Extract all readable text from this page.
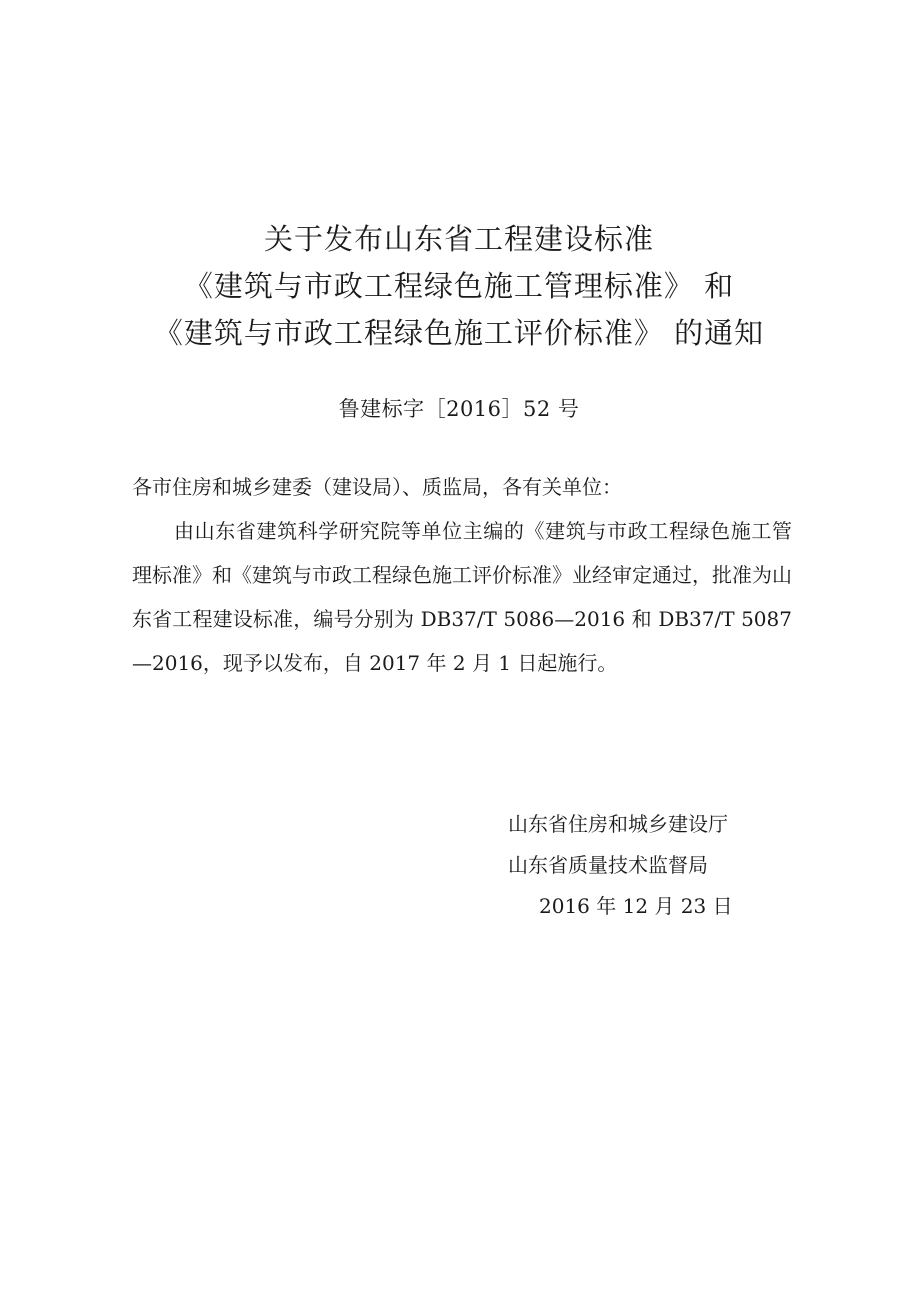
关于发布山东省工程建设标准
《建筑与市政工程绿色施工管理标准》 和
《建筑与市政工程绿色施工评价标准》 的通知
鲁建标字［2016］52 号
各市住房和城乡建委（建设局）、质监局，各有关单位：
由山东省建筑科学研究院等单位主编的《建筑与市政工程绿色施工管理标准》和《建筑与市政工程绿色施工评价标准》业经审定通过，批准为山东省工程建设标准，编号分别为 DB37/T 5086—2016 和 DB37/T 5087—2016，现予以发布，自 2017 年 2 月 1 日起施行。
山东省住房和城乡建设厅
山东省质量技术监督局
2016 年 12 月 23 日
